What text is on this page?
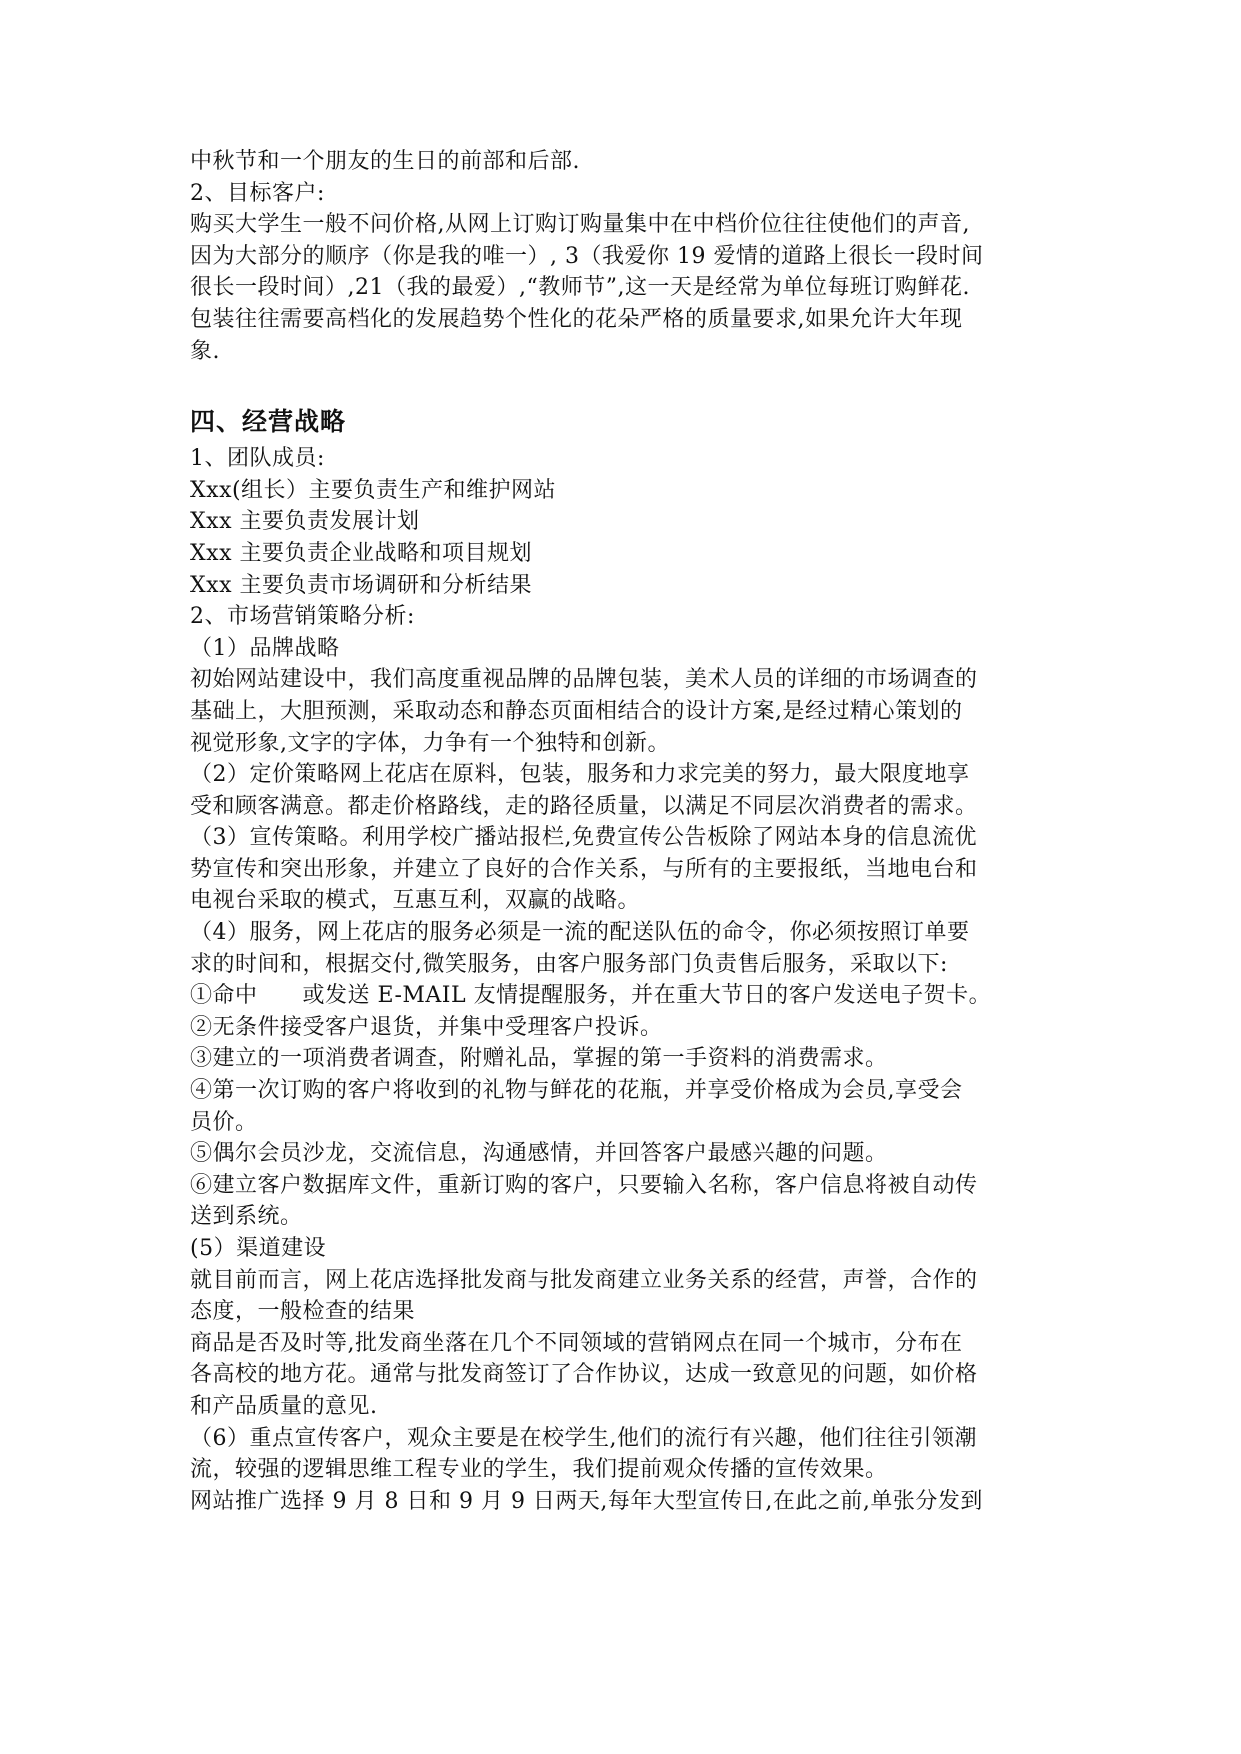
中秋节和一个朋友的生日的前部和后部.
2、目标客户:
购买大学生一般不问价格,从网上订购订购量集中在中档价位往往使他们的声音,
因为大部分的顺序（你是我的唯一）, 3（我爱你 19 爱情的道路上很长一段时间
很长一段时间）,21（我的最爱）,“教师节”,这一天是经常为单位每班订购鲜花.
包装往往需要高档化的发展趋势个性化的花朵严格的质量要求,如果允许大年现
象.
四、经营战略
1、团队成员:
Xxx(组长）主要负责生产和维护网站
Xxx 主要负责发展计划
Xxx 主要负责企业战略和项目规划
Xxx 主要负责市场调研和分析结果
2、市场营销策略分析:
（1）品牌战略
初始网站建设中，我们高度重视品牌的品牌包装，美术人员的详细的市场调查的
基础上，大胆预测，采取动态和静态页面相结合的设计方案,是经过精心策划的
视觉形象,文字的字体，力争有一个独特和创新。
（2）定价策略网上花店在原料，包装，服务和力求完美的努力，最大限度地享
受和顾客满意。都走价格路线，走的路径质量，以满足不同层次消费者的需求。
（3）宣传策略。利用学校广播站报栏,免费宣传公告板除了网站本身的信息流优
势宣传和突出形象，并建立了良好的合作关系，与所有的主要报纸，当地电台和
电视台采取的模式，互惠互利，双赢的战略。
（4）服务，网上花店的服务必须是一流的配送队伍的命令，你必须按照订单要
求的时间和，根据交付,微笑服务，由客户服务部门负责售后服务，采取以下:
①命中　　或发送 E-MAIL 友情提醒服务，并在重大节日的客户发送电子贺卡。
②无条件接受客户退货，并集中受理客户投诉。
③建立的一项消费者调查，附赠礼品，掌握的第一手资料的消费需求。
④第一次订购的客户将收到的礼物与鲜花的花瓶，并享受价格成为会员,享受会
员价。
⑤偶尔会员沙龙，交流信息，沟通感情，并回答客户最感兴趣的问题。
⑥建立客户数据库文件，重新订购的客户，只要输入名称，客户信息将被自动传
送到系统。
(5）渠道建设
就目前而言，网上花店选择批发商与批发商建立业务关系的经营，声誉，合作的
态度，一般检查的结果
商品是否及时等,批发商坐落在几个不同领域的营销网点在同一个城市，分布在
各高校的地方花。通常与批发商签订了合作协议，达成一致意见的问题，如价格
和产品质量的意见.
（6）重点宣传客户，观众主要是在校学生,他们的流行有兴趣，他们往往引领潮
流，较强的逻辑思维工程专业的学生，我们提前观众传播的宣传效果。
网站推广选择 9 月 8 日和 9 月 9 日两天,每年大型宣传日,在此之前,单张分发到
